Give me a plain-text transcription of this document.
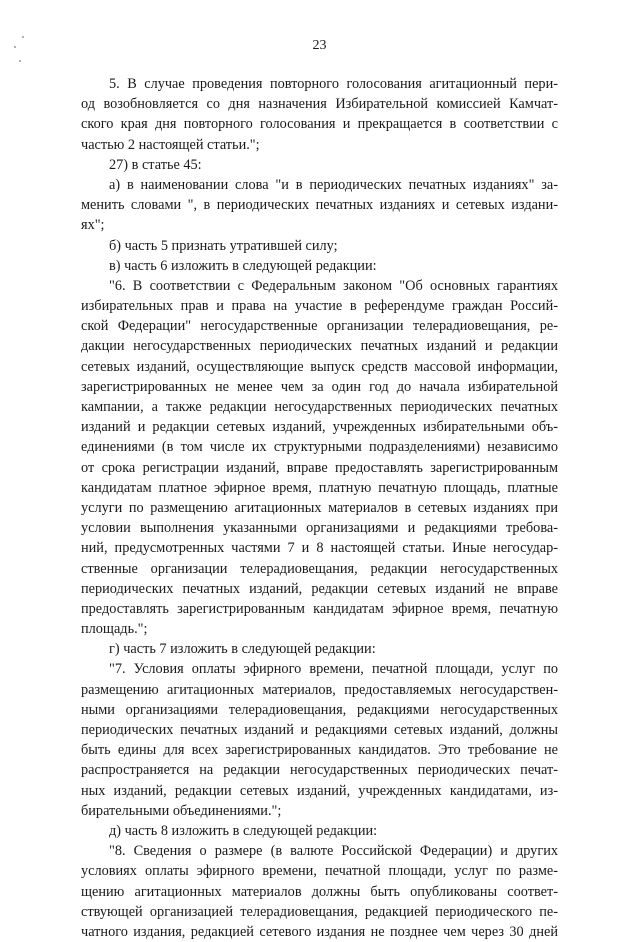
23
5. В случае проведения повторного голосования агитационный пери-
од возобновляется со дня назначения Избирательной комиссией Камчат-
ского края дня повторного голосования и прекращается в соответствии с
частью 2 настоящей статьи.";
27) в статье 45:
а) в наименовании слова "и в периодических печатных изданиях" за-
менить словами ", в периодических печатных изданиях и сетевых издани-
ях";
б) часть 5 признать утратившей силу;
в) часть 6 изложить в следующей редакции:
"6. В соответствии с Федеральным законом "Об основных гарантиях
избирательных прав и права на участие в референдуме граждан Россий-
ской Федерации" негосударственные организации телерадиовещания, ре-
дакции негосударственных периодических печатных изданий и редакции
сетевых изданий, осуществляющие выпуск средств массовой информации,
зарегистрированных не менее чем за один год до начала избирательной
кампании, а также редакции негосударственных периодических печатных
изданий и редакции сетевых изданий, учрежденных избирательными объ-
единениями (в том числе их структурными подразделениями) независимо
от срока регистрации изданий, вправе предоставлять зарегистрированным
кандидатам платное эфирное время, платную печатную площадь, платные
услуги по размещению агитационных материалов в сетевых изданиях при
условии выполнения указанными организациями и редакциями требова-
ний, предусмотренных частями 7 и 8 настоящей статьи. Иные негосудар-
ственные организации телерадиовещания, редакции негосударственных
периодических печатных изданий, редакции сетевых изданий не вправе
предоставлять зарегистрированным кандидатам эфирное время, печатную
площадь.";
г) часть 7 изложить в следующей редакции:
"7. Условия оплаты эфирного времени, печатной площади, услуг по
размещению агитационных материалов, предоставляемых негосударствен-
ными организациями телерадиовещания, редакциями негосударственных
периодических печатных изданий и редакциями сетевых изданий, должны
быть едины для всех зарегистрированных кандидатов. Это требование не
распространяется на редакции негосударственных периодических печат-
ных изданий, редакции сетевых изданий, учрежденных кандидатами, из-
бирательными объединениями.";
д) часть 8 изложить в следующей редакции:
"8. Сведения о размере (в валюте Российской Федерации) и других
условиях оплаты эфирного времени, печатной площади, услуг по разме-
щению агитационных материалов должны быть опубликованы соответ-
ствующей организацией телерадиовещания, редакцией периодического пе-
чатного издания, редакцией сетевого издания не позднее чем через 30 дней
